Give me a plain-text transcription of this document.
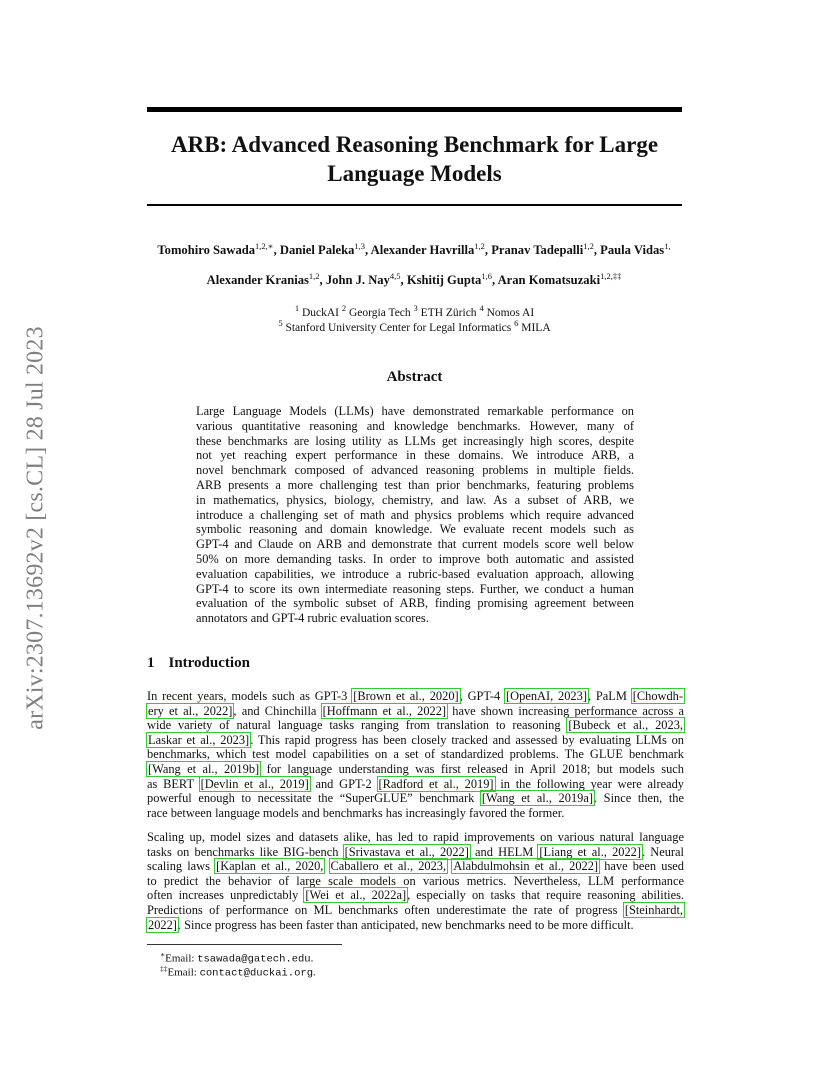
arXiv:2307.13692v2 [cs.CL] 28 Jul 2023
ARB: Advanced Reasoning Benchmark for Large
Language Models

Tomohiro Sawada$^{1,2,∗}$, Daniel Paleka$^{1,3}$, Alexander Havrilla$^{1,2}$, Pranav Tadepalli$^{1,2}$, Paula Vidas$^{1,}$

Alexander Kranias$^{1,2}$, John J. Nay$^{4,5}$, Kshitij Gupta$^{1,6}$, Aran Komatsuzaki$^{1,2,\ddagger\ddagger}$

$^1$ DuckAI $^2$ Georgia Tech $^3$ ETH Zürich $^4$ Nomos AI

$^5$ Stanford University Center for Legal Informatics $^6$ MILA

Abstract
Large Language Models (LLMs) have demonstrated remarkable performance on
various quantitative reasoning and knowledge benchmarks. However, many of
these benchmarks are losing utility as LLMs get increasingly high scores, despite
not yet reaching expert performance in these domains. We introduce ARB, a
novel benchmark composed of advanced reasoning problems in multiple fields.
ARB presents a more challenging test than prior benchmarks, featuring problems
in mathematics, physics, biology, chemistry, and law. As a subset of ARB, we
introduce a challenging set of math and physics problems which require advanced
symbolic reasoning and domain knowledge. We evaluate recent models such as
GPT-4 and Claude on ARB and demonstrate that current models score well below
50% on more demanding tasks. In order to improve both automatic and assisted
evaluation capabilities, we introduce a rubric-based evaluation approach, allowing
GPT-4 to score its own intermediate reasoning steps. Further, we conduct a human
evaluation of the symbolic subset of ARB, finding promising agreement between
annotators and GPT-4 rubric evaluation scores.
1 Introduction
In recent years, models such as GPT-3 [Brown et al., 2020], GPT-4 [OpenAI, 2023], PaLM [Chowdh-
ery et al., 2022], and Chinchilla [Hoffmann et al., 2022] have shown increasing performance across a
wide variety of natural language tasks ranging from translation to reasoning [Bubeck et al., 2023,
Laskar et al., 2023]. This rapid progress has been closely tracked and assessed by evaluating LLMs on
benchmarks, which test model capabilities on a set of standardized problems. The GLUE benchmark
[Wang et al., 2019b] for language understanding was first released in April 2018; but models such
as BERT [Devlin et al., 2019] and GPT-2 [Radford et al., 2019] in the following year were already
powerful enough to necessitate the “SuperGLUE” benchmark [Wang et al., 2019a]. Since then, the
race between language models and benchmarks has increasingly favored the former.
Scaling up, model sizes and datasets alike, has led to rapid improvements on various natural language
tasks on benchmarks like BIG-bench [Srivastava et al., 2022] and HELM [Liang et al., 2022]. Neural
scaling laws [Kaplan et al., 2020, Caballero et al., 2023, Alabdulmohsin et al., 2022] have been used
to predict the behavior of large scale models on various metrics. Nevertheless, LLM performance
often increases unpredictably [Wei et al., 2022a], especially on tasks that require reasoning abilities.
Predictions of performance on ML benchmarks often underestimate the rate of progress [Steinhardt,
2022]. Since progress has been faster than anticipated, new benchmarks need to be more difficult.

∗Email: tsawada@gatech.edu.

‡‡Email: contact@duckai.org.
